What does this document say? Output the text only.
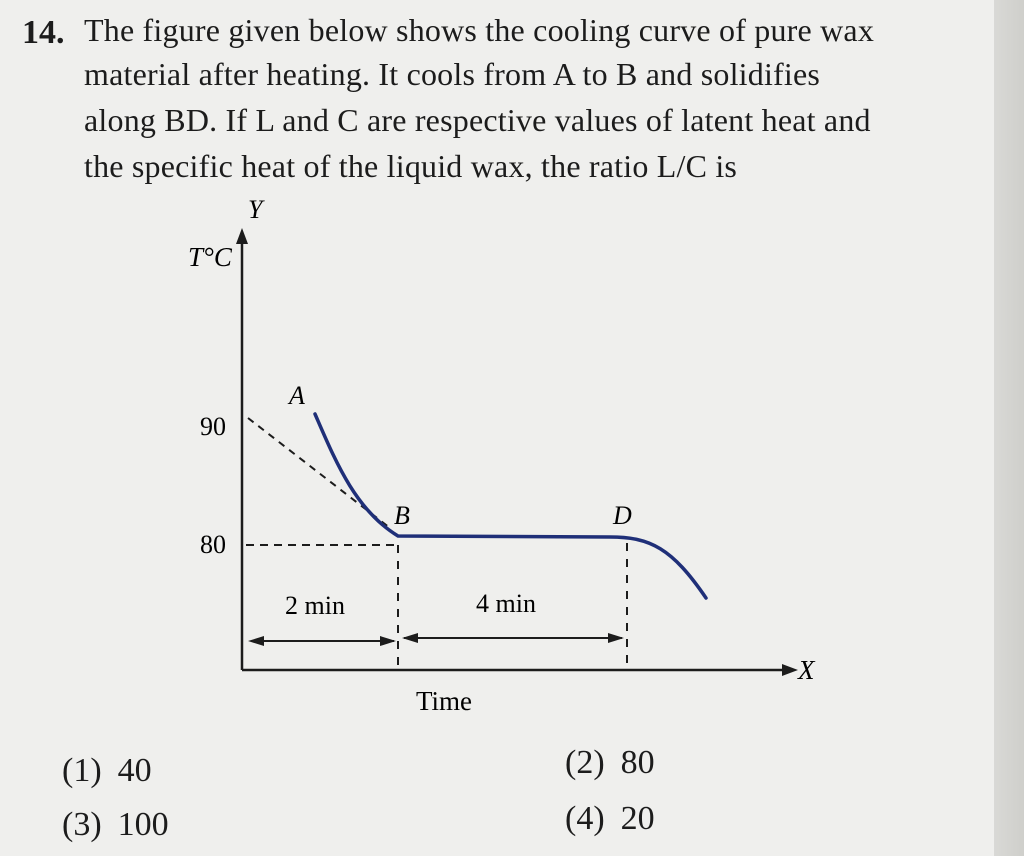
14. The figure given below shows the cooling curve of pure wax
material after heating. It cools from A to B and solidifies
along BD. If L and C are respective values of latent heat and
the specific heat of the liquid wax, the ratio L/C is
Y
T°C
X
Time
90
80
A
B	D
2 min	4 min
(1) 40	(2) 80
(3) 100	(4) 20
